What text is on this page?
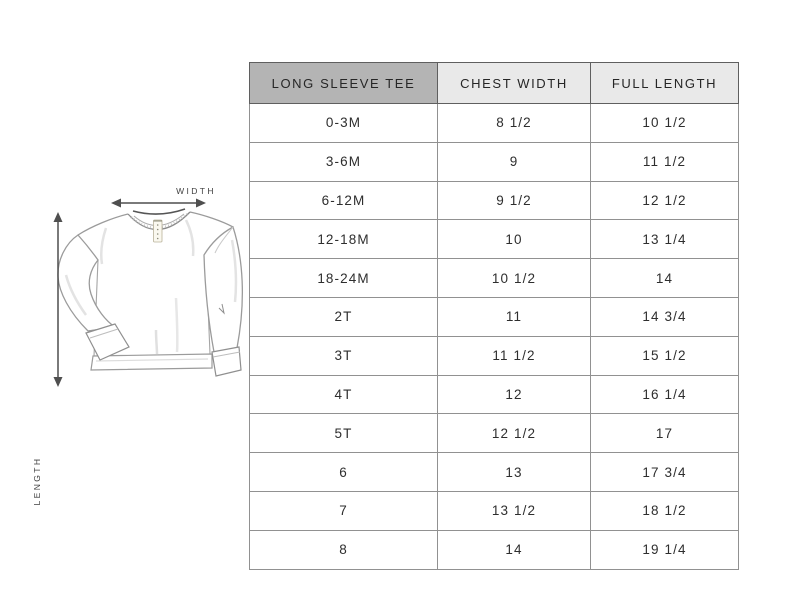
WIDTH
LENGTH
LONG SLEEVE TEE	CHEST WIDTH	FULL LENGTH
0-3M	8 1/2	10 1/2
3-6M	9	11 1/2
6-12M	9 1/2	12 1/2
12-18M	10	13 1/4
18-24M	10 1/2	14
2T	11	14 3/4
3T	11 1/2	15 1/2
4T	12	16 1/4
5T	12 1/2	17
6	13	17 3/4
7	13 1/2	18 1/2
8	14	19 1/4
